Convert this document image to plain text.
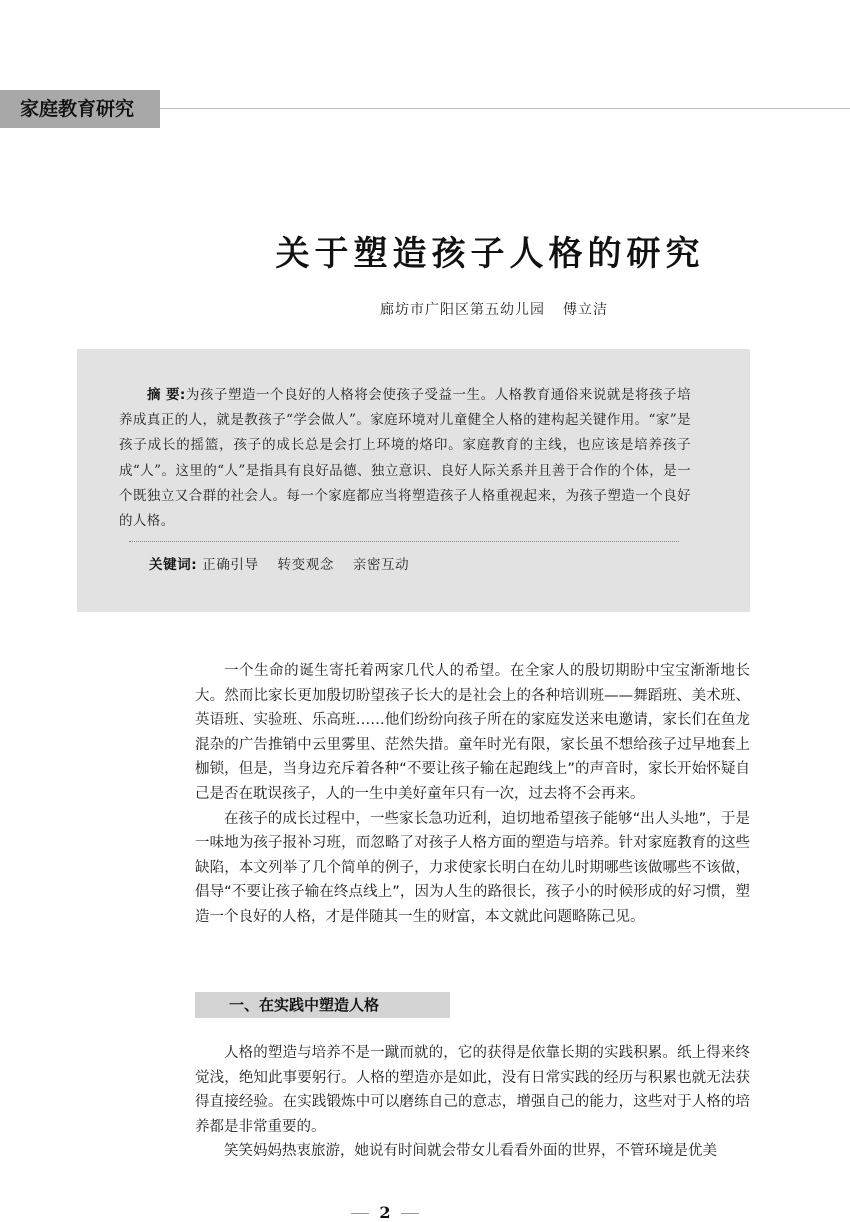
家庭教育研究
关于塑造孩子人格的研究
廊坊市广阳区第五幼儿园 傅立洁
摘 要:为孩子塑造一个良好的人格将会使孩子受益一生。人格教育通俗来说就是将孩子培养成真正的人，就是教孩子“学会做人”。家庭环境对儿童健全人格的建构起关键作用。“家”是孩子成长的摇篮，孩子的成长总是会打上环境的烙印。家庭教育的主线，也应该是培养孩子成“人”。这里的“人”是指具有良好品德、独立意识、良好人际关系并且善于合作的个体，是一个既独立又合群的社会人。每一个家庭都应当将塑造孩子人格重视起来，为孩子塑造一个良好的人格。
关键词: 正确引导 转变观念 亲密互动

一个生命的诞生寄托着两家几代人的希望。在全家人的殷切期盼中宝宝渐渐地长大。然而比家长更加殷切盼望孩子长大的是社会上的各种培训班——舞蹈班、美术班、英语班、实验班、乐高班……他们纷纷向孩子所在的家庭发送来电邀请，家长们在鱼龙混杂的广告推销中云里雾里、茫然失措。童年时光有限，家长虽不想给孩子过早地套上枷锁，但是，当身边充斥着各种“不要让孩子输在起跑线上”的声音时，家长开始怀疑自己是否在耽误孩子，人的一生中美好童年只有一次，过去将不会再来。

在孩子的成长过程中，一些家长急功近利，迫切地希望孩子能够“出人头地”，于是一味地为孩子报补习班，而忽略了对孩子人格方面的塑造与培养。针对家庭教育的这些缺陷，本文列举了几个简单的例子，力求使家长明白在幼儿时期哪些该做哪些不该做，倡导“不要让孩子输在终点线上”，因为人生的路很长，孩子小的时候形成的好习惯，塑造一个良好的人格，才是伴随其一生的财富，本文就此问题略陈己见。

一、在实践中塑造人格

人格的塑造与培养不是一蹴而就的，它的获得是依靠长期的实践积累。纸上得来终觉浅，绝知此事要躬行。人格的塑造亦是如此，没有日常实践的经历与积累也就无法获得直接经验。在实践锻炼中可以磨练自己的意志，增强自己的能力，这些对于人格的培养都是非常重要的。

笑笑妈妈热衷旅游，她说有时间就会带女儿看看外面的世界，不管环境是优美

2
